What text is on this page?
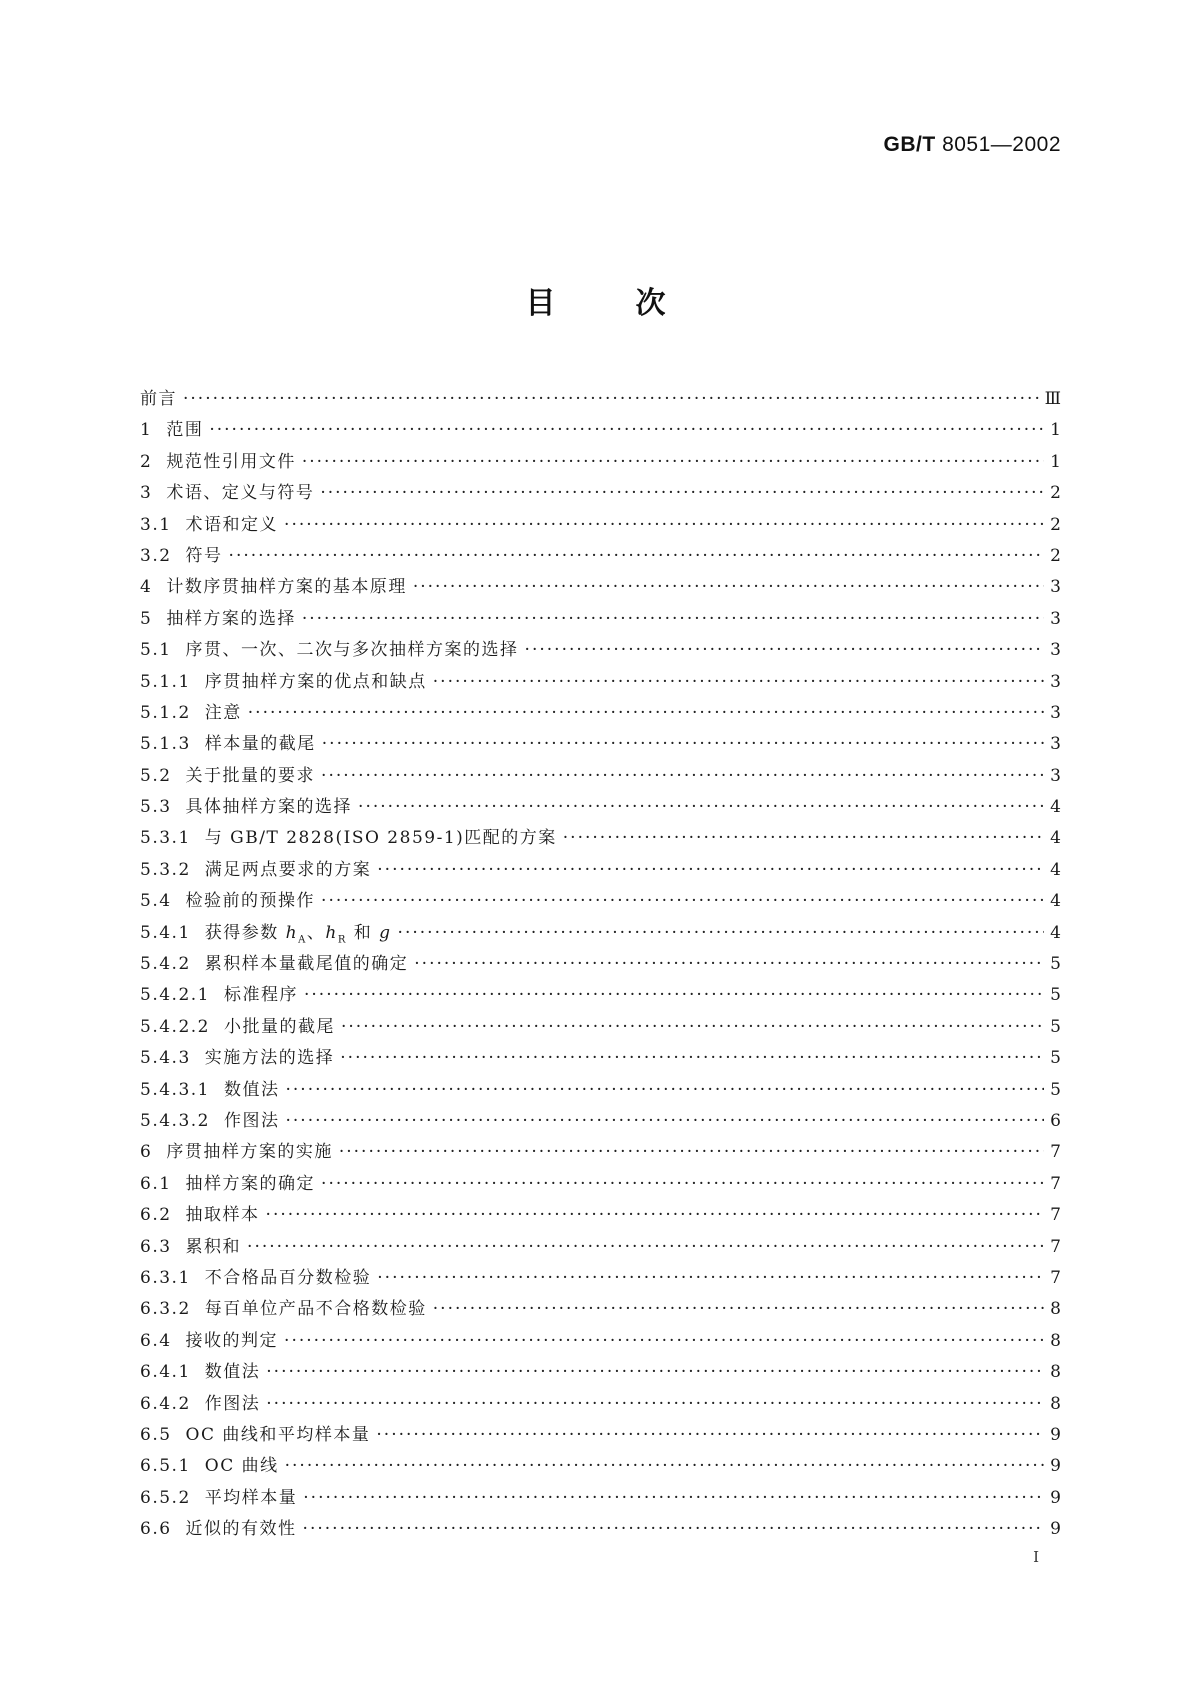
GB/T 8051—2002
目次
前言 ·····	Ⅲ
1 范围 ·····	1
2 规范性引用文件 ·····	1
3 术语、定义与符号 ·····	2
3.1 术语和定义 ·····	2
3.2 符号 ·····	2
4 计数序贯抽样方案的基本原理 ·····	3
5 抽样方案的选择 ·····	3
5.1 序贯、一次、二次与多次抽样方案的选择 ·····	3
5.1.1 序贯抽样方案的优点和缺点 ·····	3
5.1.2 注意 ·····	3
5.1.3 样本量的截尾 ·····	3
5.2 关于批量的要求 ·····	3
5.3 具体抽样方案的选择 ·····	4
5.3.1 与 GB/T 2828(ISO 2859-1)匹配的方案 ·····	4
5.3.2 满足两点要求的方案 ·····	4
5.4 检验前的预操作 ·····	4
5.4.1 获得参数 $h_A$、$h_R$ 和 g ·····	4
5.4.2 累积样本量截尾值的确定 ·····	5
5.4.2.1 标准程序 ·····	5
5.4.2.2 小批量的截尾 ·····	5
5.4.3 实施方法的选择 ·····	5
5.4.3.1 数值法 ·····	5
5.4.3.2 作图法 ·····	6
6 序贯抽样方案的实施 ·····	7
6.1 抽样方案的确定 ·····	7
6.2 抽取样本 ·····	7
6.3 累积和 ·····	7
6.3.1 不合格品百分数检验 ·····	7
6.3.2 每百单位产品不合格数检验 ·····	8
6.4 接收的判定 ·····	8
6.4.1 数值法 ·····	8
6.4.2 作图法 ·····	8
6.5 OC 曲线和平均样本量 ·····	9
6.5.1 OC 曲线 ·····	9
6.5.2 平均样本量 ·····	9
6.6 近似的有效性 ·····	9
I
